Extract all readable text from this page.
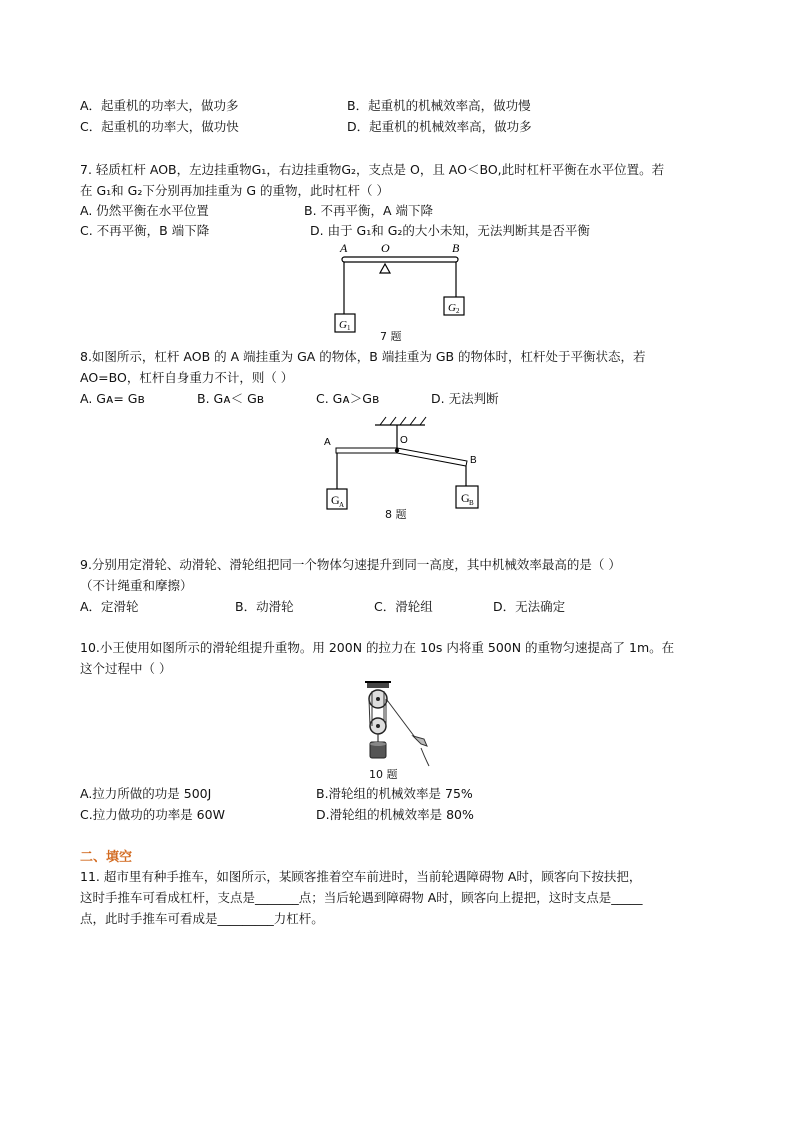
A．起重机的功率大，做功多	B．起重机的机械效率高，做功慢
C．起重机的功率大，做功快	D．起重机的机械效率高，做功多
7. 轻质杠杆 AOB，左边挂重物G₁，右边挂重物G₂，支点是 O，且 AO＜BO,此时杠杆平衡在水平位置。若
在 G₁和 G₂下分别再加挂重为 G 的重物，此时杠杆（ ）
A. 仍然平衡在水平位置	B. 不再平衡，A 端下降
C. 不再平衡，B 端下降	D. 由于 G₁和 G₂的大小未知，无法判断其是否平衡
A	O	B
G 1
G 2
7 题
8.如图所示，杠杆 AOB 的 A 端挂重为 GA 的物体，B 端挂重为 GB 的物体时，杠杆处于平衡状态，若
AO=BO，杠杆自身重力不计，则（ ）
A. Gᴀ= Gʙ	B. Gᴀ＜ Gʙ	C. Gᴀ＞Gʙ	D. 无法判断
A	O
B
G A	G B
8 题
9.分别用定滑轮、动滑轮、滑轮组把同一个物体匀速提升到同一高度，其中机械效率最高的是（ ）
（不计绳重和摩擦）
A．定滑轮	B．动滑轮	C．滑轮组	D．无法确定
10.小王使用如图所示的滑轮组提升重物。用 200N 的拉力在 10s 内将重 500N 的重物匀速提高了 1m。在
这个过程中（ ）
10 题
A.拉力所做的功是 500J	B.滑轮组的机械效率是 75%
C.拉力做功的功率是 60W	D.滑轮组的机械效率是 80%
二、填空
11. 超市里有种手推车，如图所示，某顾客推着空车前进时，当前轮遇障碍物 A时，顾客向下按扶把，
这时手推车可看成杠杆，支点是_______点；当后轮遇到障碍物 A时，顾客向上提把，这时支点是_____
点，此时手推车可看成是_________力杠杆。
